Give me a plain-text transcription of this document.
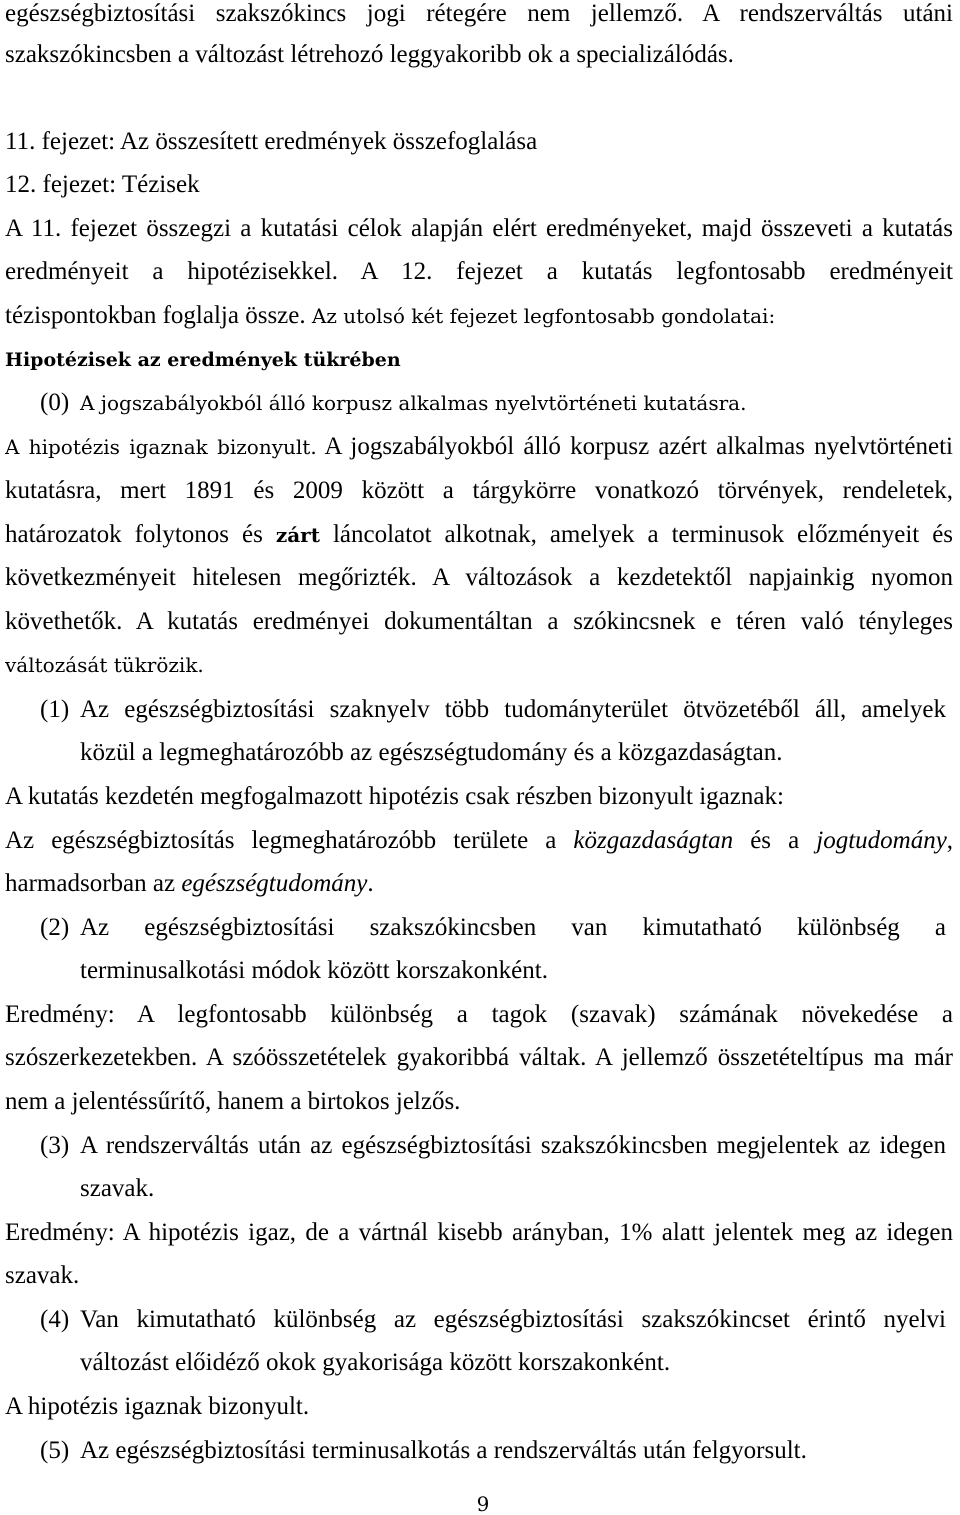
egészségbiztosítási szakszókincs jogi rétegére nem jellemző. A rendszerváltás utáni
szakszókincsben a változást létrehozó leggyakoribb ok a specializálódás.
11. fejezet: Az összesített eredmények összefoglalása
12. fejezet: Tézisek
A 11. fejezet összegzi a kutatási célok alapján elért eredményeket, majd összeveti a kutatás
eredményeit a hipotézisekkel. A 12. fejezet a kutatás legfontosabb eredményeit
tézispontokban foglalja össze. Az utolsó két fejezet legfontosabb gondolatai:
Hipotézisek az eredmények tükrében
(0) A jogszabályokból álló korpusz alkalmas nyelvtörténeti kutatásra.
A hipotézis igaznak bizonyult. A jogszabályokból álló korpusz azért alkalmas nyelvtörténeti
kutatásra, mert 1891 és 2009 között a tárgykörre vonatkozó törvények, rendeletek,
határozatok folytonos és zárt láncolatot alkotnak, amelyek a terminusok előzményeit és
következményeit hitelesen megőrizték. A változások a kezdetektől napjainkig nyomon
követhetők. A kutatás eredményei dokumentáltan a szókincsnek e téren való tényleges
változását tükrözik.
(1) Az egészségbiztosítási szaknyelv több tudományterület ötvözetéből áll, amelyek
közül a legmeghatározóbb az egészségtudomány és a közgazdaságtan.
A kutatás kezdetén megfogalmazott hipotézis csak részben bizonyult igaznak:
Az egészségbiztosítás legmeghatározóbb területe a közgazdaságtan és a jogtudomány,
harmadsorban az egészségtudomány.
(2) Az egészségbiztosítási szakszókincsben van kimutatható különbség a
terminusalkotási módok között korszakonként.
Eredmény: A legfontosabb különbség a tagok (szavak) számának növekedése a
szószerkezetekben. A szóösszetételek gyakoribbá váltak. A jellemző összetételtípus ma már
nem a jelentéssűrítő, hanem a birtokos jelzős.
(3) A rendszerváltás után az egészségbiztosítási szakszókincsben megjelentek az idegen
szavak.
Eredmény: A hipotézis igaz, de a vártnál kisebb arányban, 1% alatt jelentek meg az idegen
szavak.
(4) Van kimutatható különbség az egészségbiztosítási szakszókincset érintő nyelvi
változást előidéző okok gyakorisága között korszakonként.
A hipotézis igaznak bizonyult.
(5) Az egészségbiztosítási terminusalkotás a rendszerváltás után felgyorsult.
9
